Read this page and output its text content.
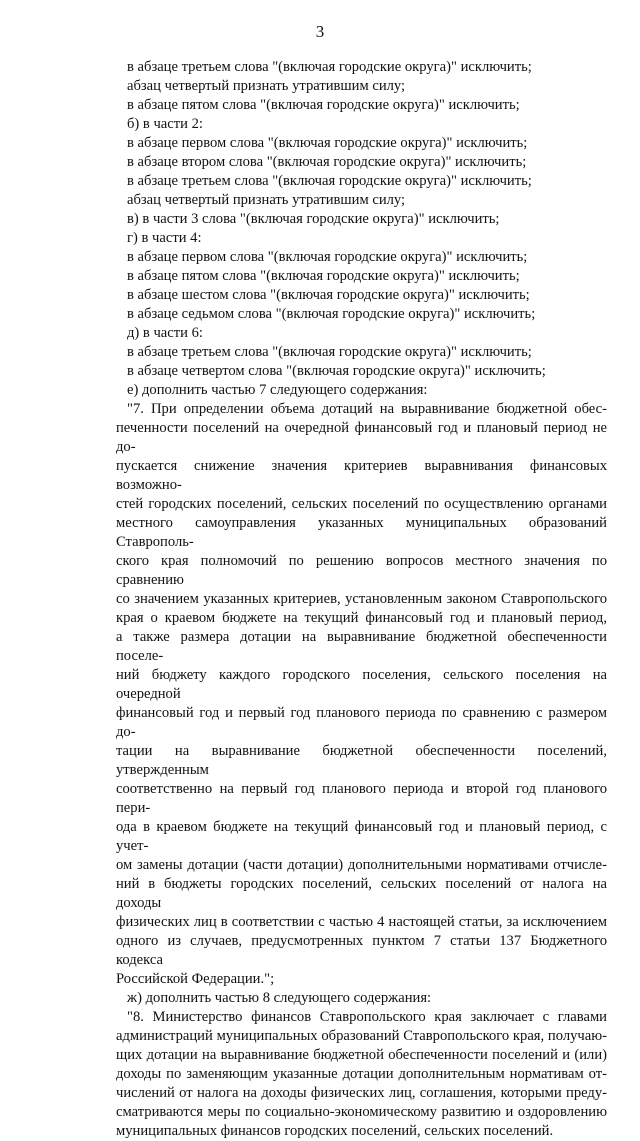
3
в абзаце третьем слова "(включая городские округа)" исключить;
абзац четвертый признать утратившим силу;
в абзаце пятом слова "(включая городские округа)" исключить;
б) в части 2:
в абзаце первом слова "(включая городские округа)" исключить;
в абзаце втором слова "(включая городские округа)" исключить;
в абзаце третьем слова "(включая городские округа)" исключить;
абзац четвертый признать утратившим силу;
в) в части 3 слова "(включая городские округа)" исключить;
г) в части 4:
в абзаце первом слова "(включая городские округа)" исключить;
в абзаце пятом слова "(включая городские округа)" исключить;
в абзаце шестом слова "(включая городские округа)" исключить;
в абзаце седьмом слова "(включая городские округа)" исключить;
д) в части 6:
в абзаце третьем слова "(включая городские округа)" исключить;
в абзаце четвертом слова "(включая городские округа)" исключить;
е) дополнить частью 7 следующего содержания:
"7. При определении объема дотаций на выравнивание бюджетной обес-
печенности поселений на очередной финансовый год и плановый период не до-
пускается снижение значения критериев выравнивания финансовых возможно-
стей городских поселений, сельских поселений по осуществлению органами
местного самоуправления указанных муниципальных образований Ставрополь-
ского края полномочий по решению вопросов местного значения по сравнению
со значением указанных критериев, установленным законом Ставропольского
края о краевом бюджете на текущий финансовый год и плановый период,
а также размера дотации на выравнивание бюджетной обеспеченности поселе-
ний бюджету каждого городского поселения, сельского поселения на очередной
финансовый год и первый год планового периода по сравнению с размером до-
тации на выравнивание бюджетной обеспеченности поселений, утвержденным
соответственно на первый год планового периода и второй год планового пери-
ода в краевом бюджете на текущий финансовый год и плановый период, с учет-
ом замены дотации (части дотации) дополнительными нормативами отчисле-
ний в бюджеты городских поселений, сельских поселений от налога на доходы
физических лиц в соответствии с частью 4 настоящей статьи, за исключением
одного из случаев, предусмотренных пунктом 7 статьи 137 Бюджетного кодекса
Российской Федерации.";
ж) дополнить частью 8 следующего содержания:
"8. Министерство финансов Ставропольского края заключает с главами
администраций муниципальных образований Ставропольского края, получаю-
щих дотации на выравнивание бюджетной обеспеченности поселений и (или)
доходы по заменяющим указанные дотации дополнительным нормативам от-
числений от налога на доходы физических лиц, соглашения, которыми преду-
сматриваются меры по социально-экономическому развитию и оздоровлению
муниципальных финансов городских поселений, сельских поселений.
